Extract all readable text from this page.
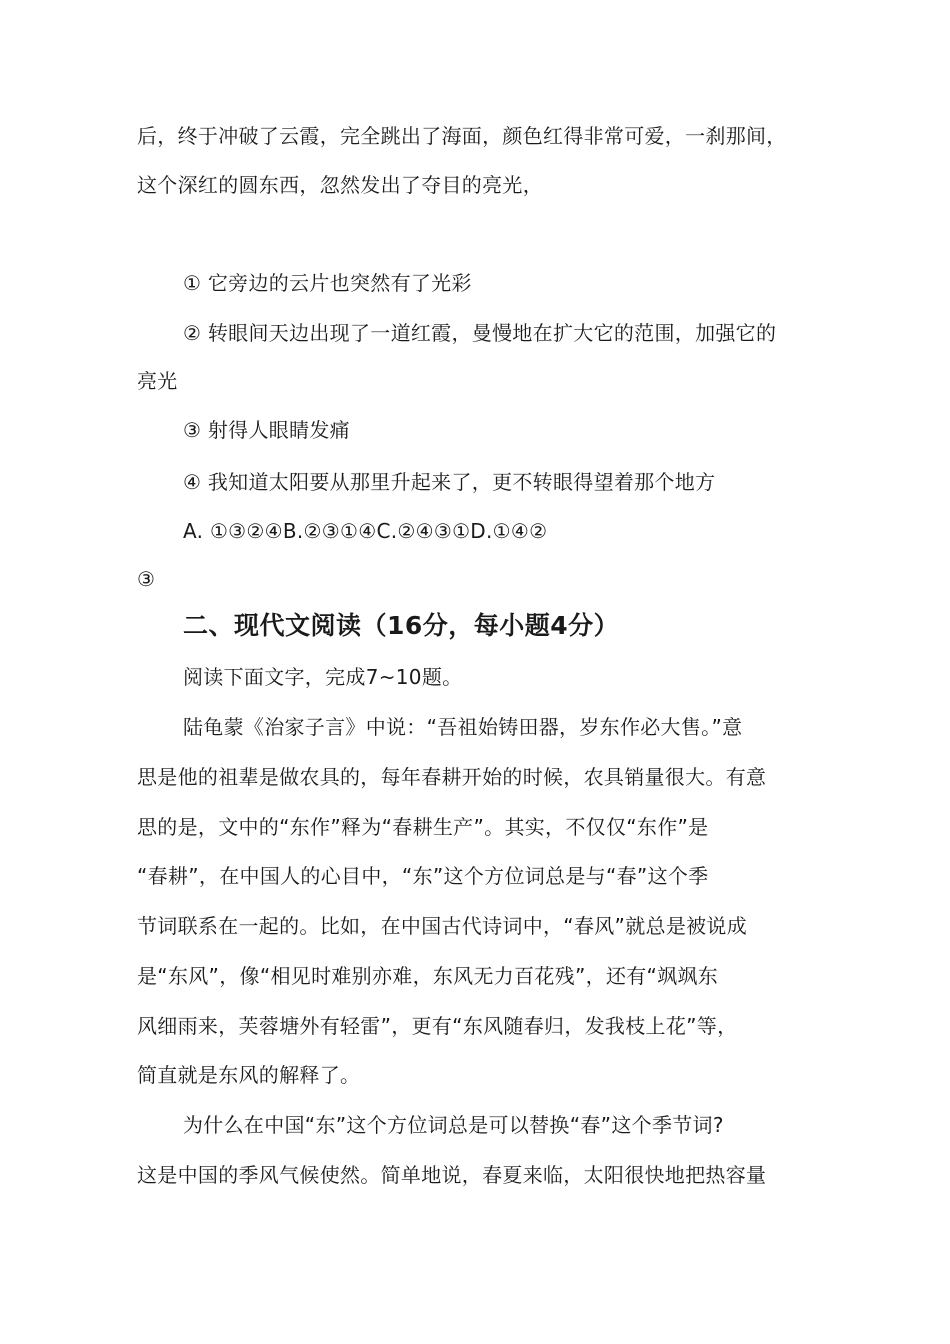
后，终于冲破了云霞，完全跳出了海面，颜色红得非常可爱，一刹那间，
这个深红的圆东西，忽然发出了夺目的亮光，
① 它旁边的云片也突然有了光彩
② 转眼间天边出现了一道红霞，曼慢地在扩大它的范围，加强它的
亮光
③ 射得人眼睛发痛
④ 我知道太阳要从那里升起来了，更不转眼得望着那个地方
A. ①③②④B.②③①④C.②④③①D.①④②
③
二、现代文阅读（16分，每小题4分）
阅读下面文字，完成7~10题。
陆龟蒙《治家子言》中说：“吾祖始铸田器，岁东作必大售。”意
思是他的祖辈是做农具的，每年春耕开始的时候，农具销量很大。有意
思的是，文中的“东作”释为“春耕生产”。其实，不仅仅“东作”是
“春耕”，在中国人的心目中，“东”这个方位词总是与“春”这个季
节词联系在一起的。比如，在中国古代诗词中，“春风”就总是被说成
是“东风”，像“相见时难别亦难，东风无力百花残”，还有“飒飒东
风细雨来，芙蓉塘外有轻雷”，更有“东风随春归，发我枝上花”等，
简直就是东风的解释了。
为什么在中国“东”这个方位词总是可以替换“春”这个季节词?
这是中国的季风气候使然。简单地说，春夏来临，太阳很快地把热容量
